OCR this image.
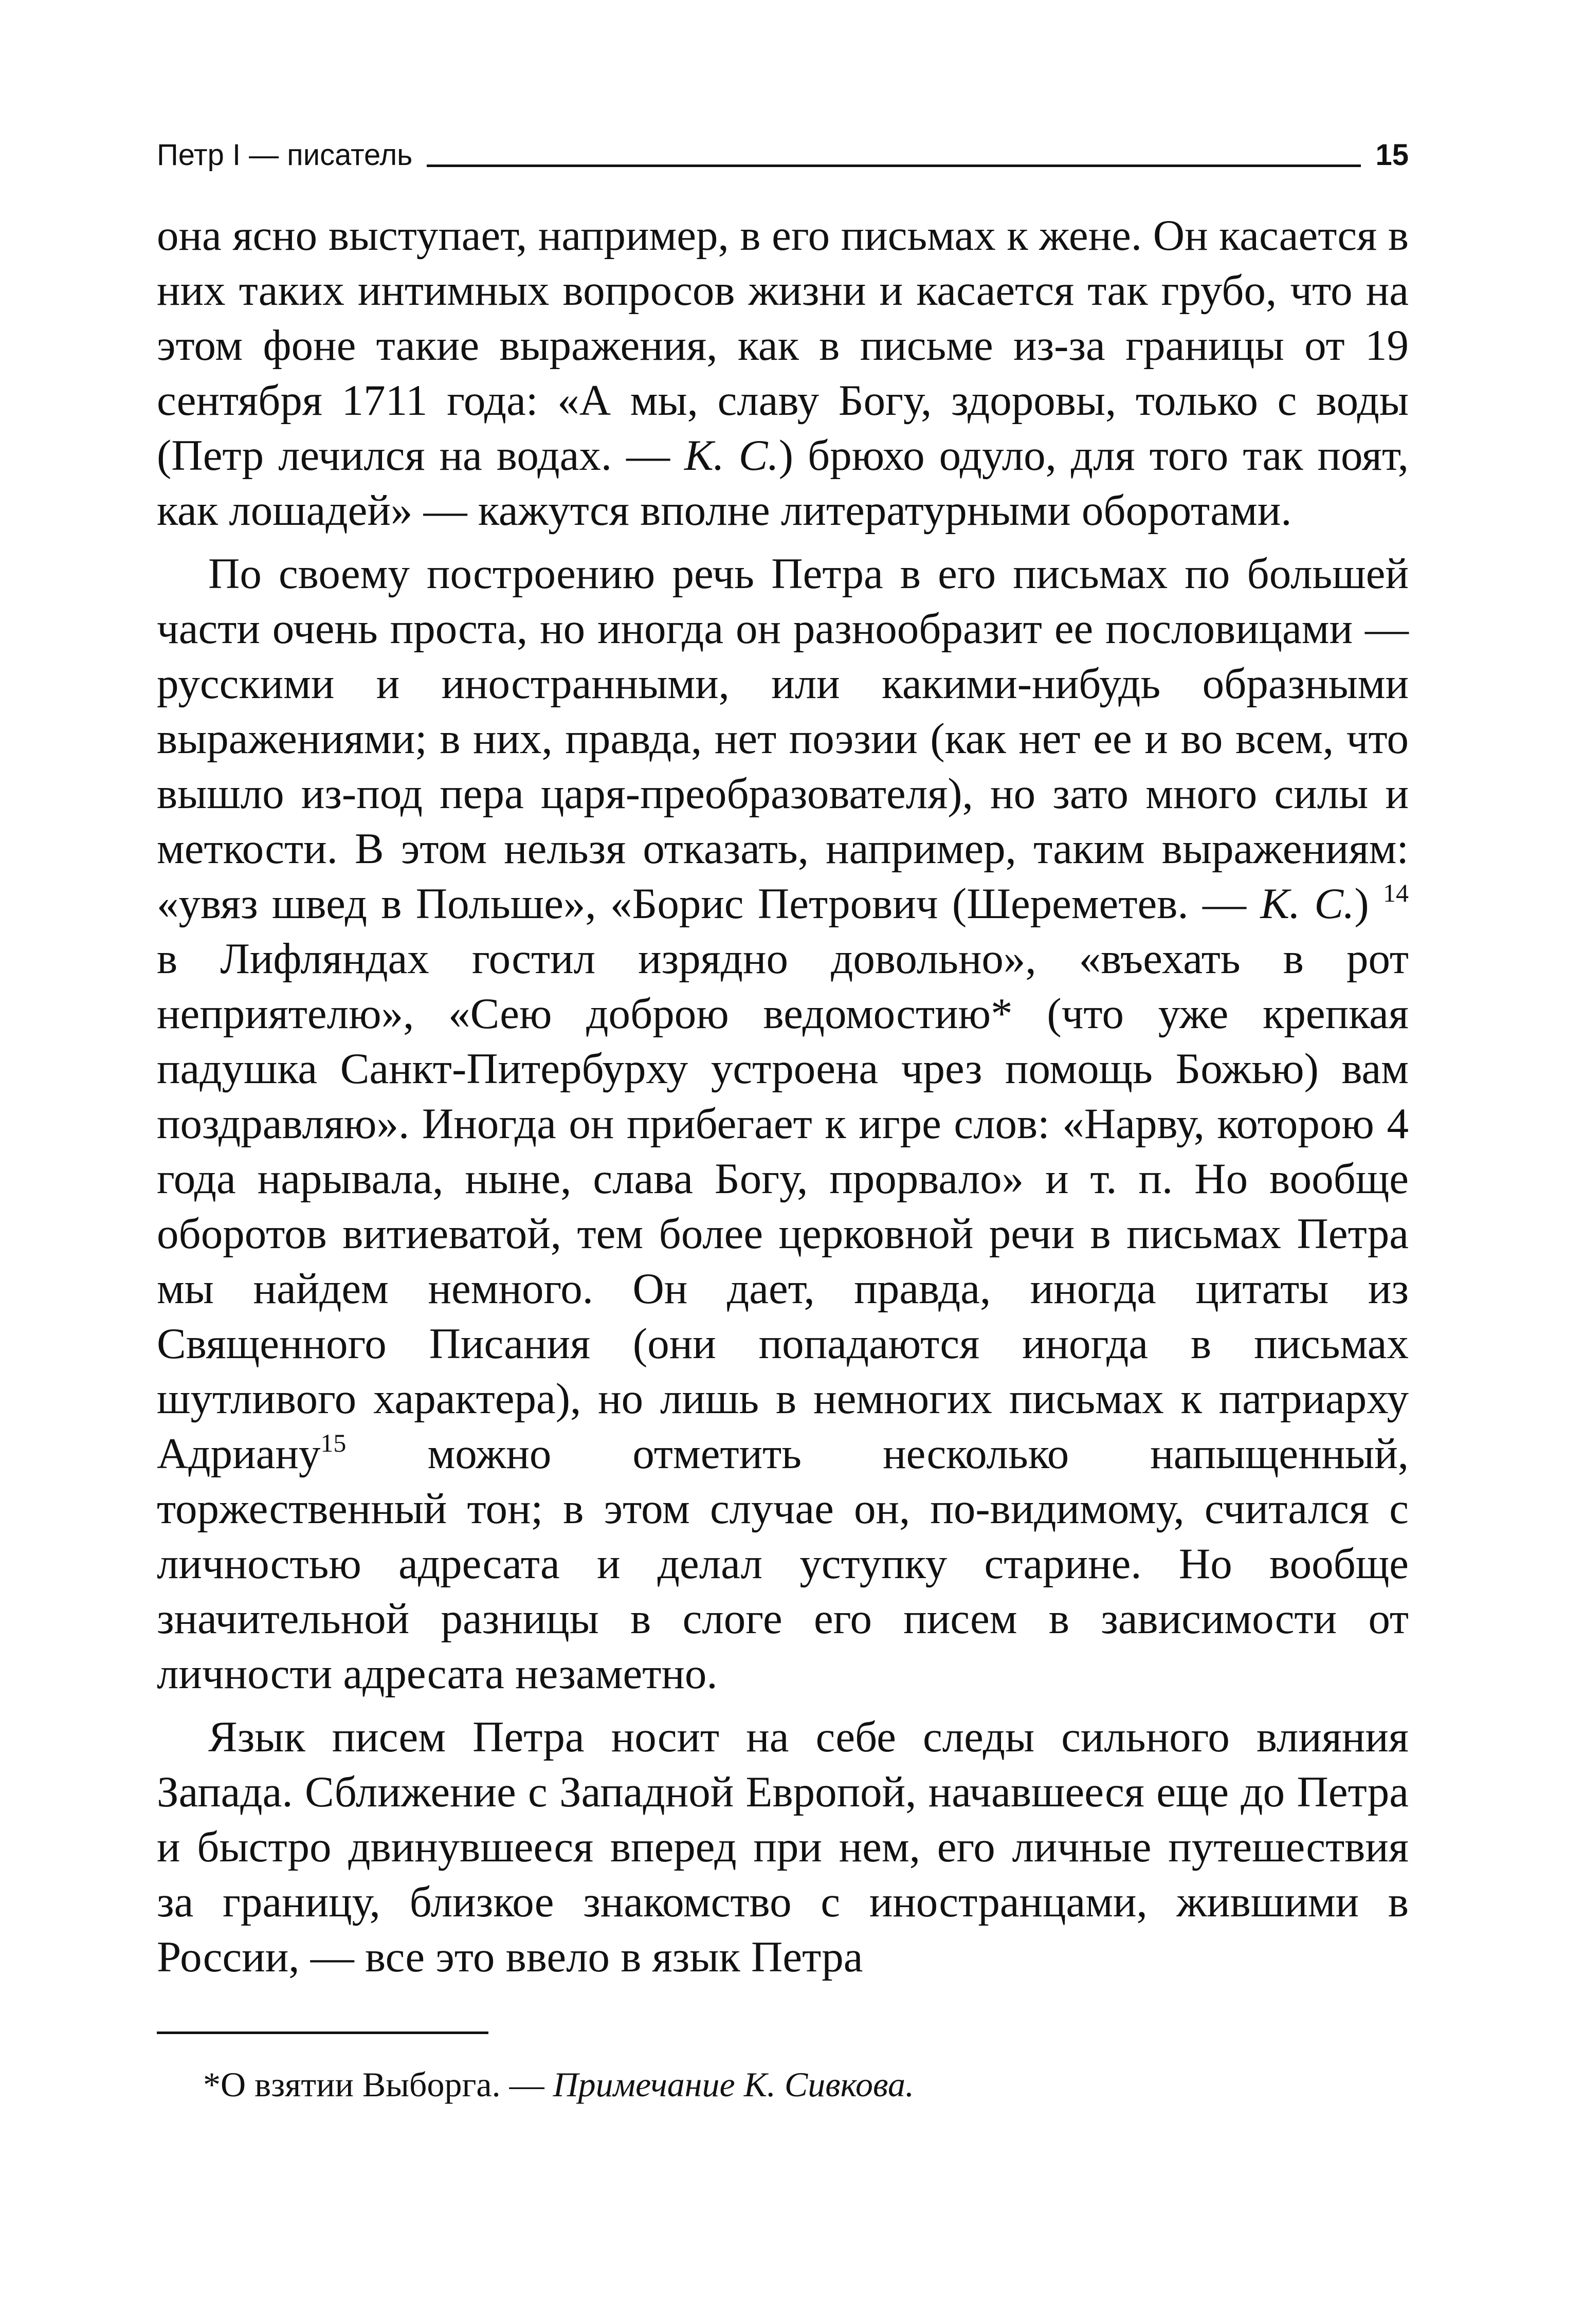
Петр I — писатель	15

она ясно выступает, например, в его письмах к жене. Он касается в них таких интимных вопросов жизни и касается так грубо, что на этом фоне такие выражения, как в письме из-за границы от 19 сентября 1711 года: «А мы, славу Богу, здоровы, только с воды (Петр лечился на водах. — К. С.) брюхо одуло, для того так поят, как лошадей» — кажутся вполне литературными оборотами.

По своему построению речь Петра в его письмах по большей части очень проста, но иногда он разнообразит ее пословицами — русскими и иностранными, или какими-нибудь образными выражениями; в них, правда, нет поэзии (как нет ее и во всем, что вышло из-под пера царя-преобразователя), но зато много силы и меткости. В этом нельзя отказать, например, таким выражениям: «увяз швед в Польше», «Борис Петрович (Шереметев. — К. С.) $^{14}$ в Лифляндах гостил изрядно довольно», «въехать в рот неприятелю», «Сею доброю ведомостию* (что уже крепкая падушка Санкт-Питербурху устроена чрез помощь Божью) вам поздравляю». Иногда он прибегает к игре слов: «Нарву, которою 4 года нарывала, ныне, слава Богу, прорвало» и т. п. Но вообще оборотов витиеватой, тем более церковной речи в письмах Петра мы найдем немного. Он дает, правда, иногда цитаты из Священного Писания (они попадаются иногда в письмах шутливого характера), но лишь в немногих письмах к патриарху Адриану$^{15}$ можно отметить несколько напыщенный, торжественный тон; в этом случае он, по-видимому, считался с личностью адресата и делал уступку старине. Но вообще значительной разницы в слоге его писем в зависимости от личности адресата незаметно.

Язык писем Петра носит на себе следы сильного влияния Запада. Сближение с Западной Европой, начавшееся еще до Петра и быстро двинувшееся вперед при нем, его личные путешествия за границу, близкое знакомство с иностранцами, жившими в России, — все это ввело в язык Петра

*О взятии Выборга. — Примечание К. Сивкова.
